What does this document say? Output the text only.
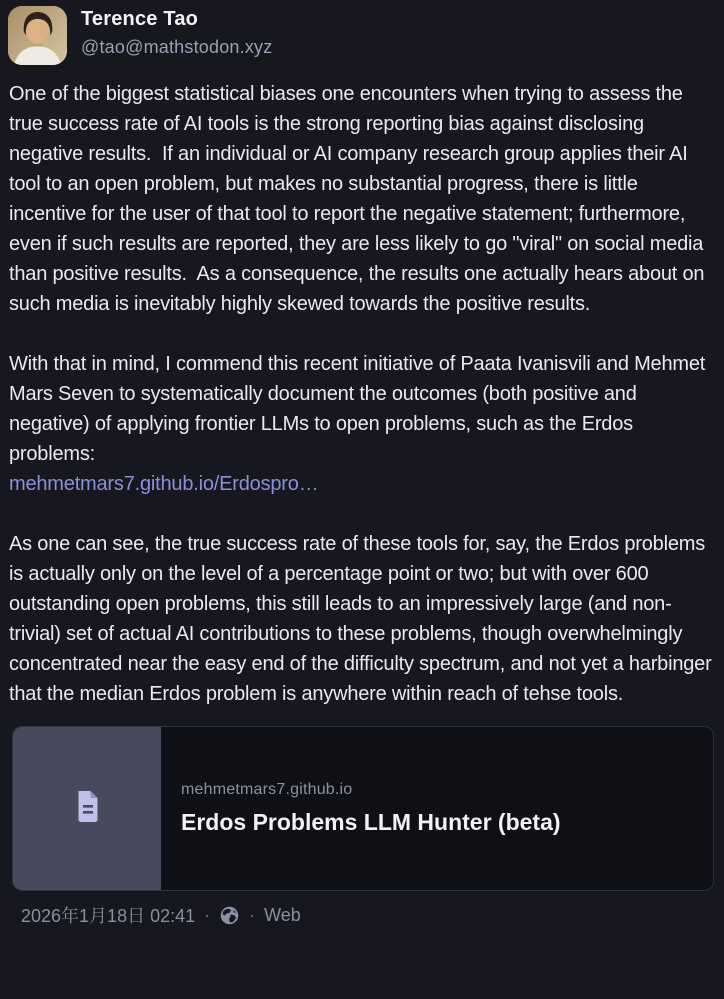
Terence Tao
@tao@mathstodon.xyz

One of the biggest statistical biases one encounters when trying to assess the true success rate of AI tools is the strong reporting bias against disclosing negative results.  If an individual or AI company research group applies their AI tool to an open problem, but makes no substantial progress, there is little incentive for the user of that tool to report the negative statement; furthermore, even if such results are reported, they are less likely to go "viral" on social media than positive results.  As a consequence, the results one actually hears about on such media is inevitably highly skewed towards the positive results.

With that in mind, I commend this recent initiative of Paata Ivanisvili and Mehmet Mars Seven to systematically document the outcomes (both positive and negative) of applying frontier LLMs to open problems, such as the Erdos problems:
mehmetmars7.github.io/Erdospro…

As one can see, the true success rate of these tools for, say, the Erdos problems is actually only on the level of a percentage point or two; but with over 600 outstanding open problems, this still leads to an impressively large (and non-trivial) set of actual AI contributions to these problems, though overwhelmingly concentrated near the easy end of the difficulty spectrum, and not yet a harbinger that the median Erdos problem is anywhere within reach of tehse tools.

mehmetmars7.github.io
Erdos Problems LLM Hunter (beta)
2026年1月18日 02:41 · · Web
